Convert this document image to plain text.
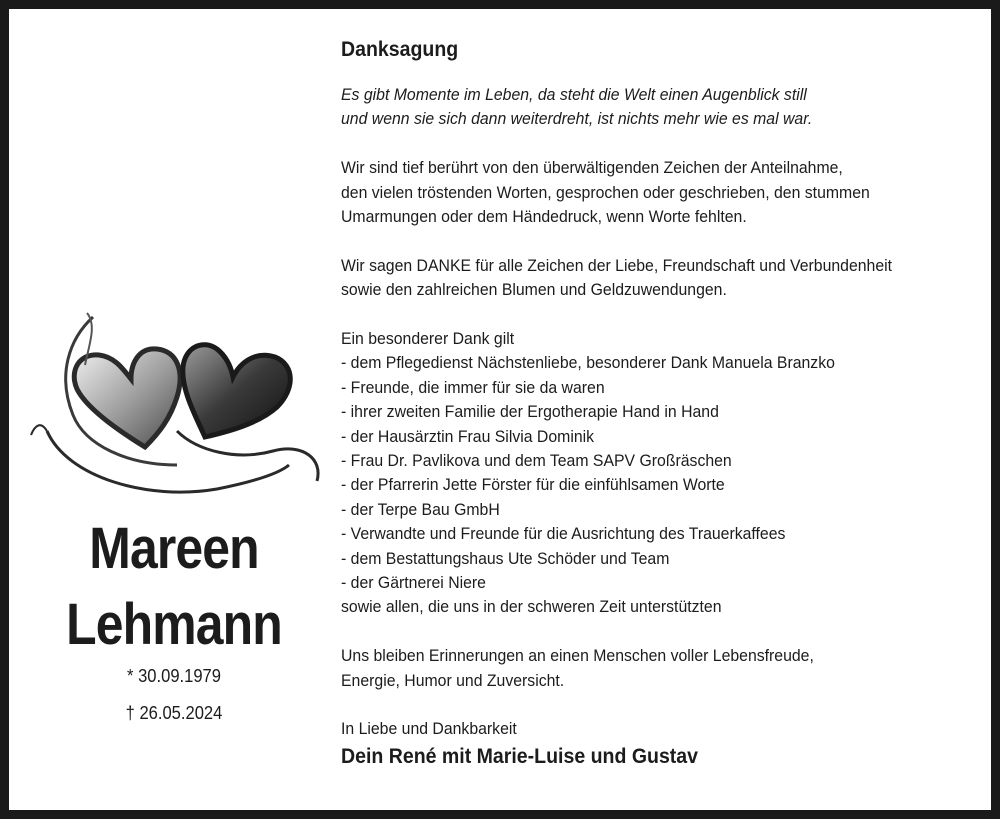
Mareen
Lehmann
* 30.09.1979
† 26.05.2024

Danksagung

Es gibt Momente im Leben, da steht die Welt einen Augenblick still

und wenn sie sich dann weiterdreht, ist nichts mehr wie es mal war.

Wir sind tief berührt von den überwältigenden Zeichen der Anteilnahme,

den vielen tröstenden Worten, gesprochen oder geschrieben, den stummen

Umarmungen oder dem Händedruck, wenn Worte fehlten.

Wir sagen DANKE für alle Zeichen der Liebe, Freundschaft und Verbundenheit

sowie den zahlreichen Blumen und Geldzuwendungen.

Ein besonderer Dank gilt

- dem Pflegedienst Nächstenliebe, besonderer Dank Manuela Branzko

- Freunde, die immer für sie da waren

- ihrer zweiten Familie der Ergotherapie Hand in Hand

- der Hausärztin Frau Silvia Dominik

- Frau Dr. Pavlikova und dem Team SAPV Großräschen

- der Pfarrerin Jette Förster für die einfühlsamen Worte

- der Terpe Bau GmbH

- Verwandte und Freunde für die Ausrichtung des Trauerkaffees

- dem Bestattungshaus Ute Schöder und Team

- der Gärtnerei Niere

sowie allen, die uns in der schweren Zeit unterstützten

Uns bleiben Erinnerungen an einen Menschen voller Lebensfreude,

Energie, Humor und Zuversicht.

In Liebe und Dankbarkeit

Dein René mit Marie-Luise und Gustav
